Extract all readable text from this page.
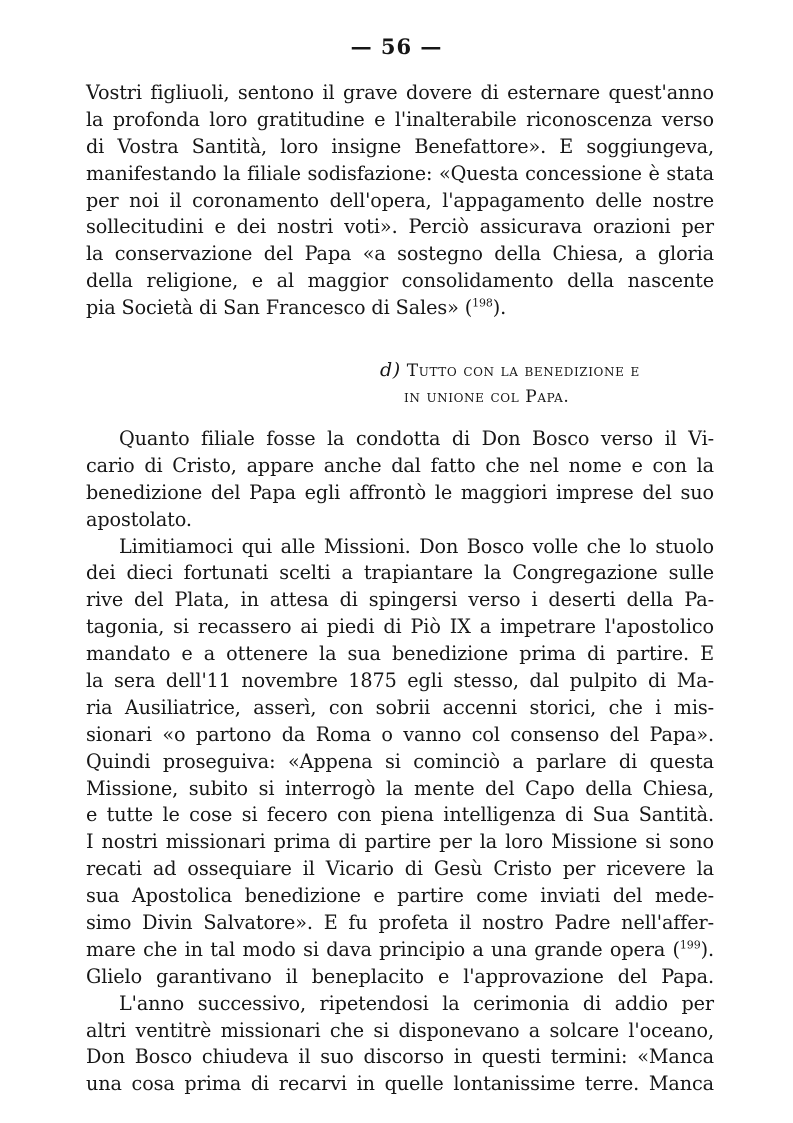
— 56 —
Vostri figliuoli, sentono il grave dovere di esternare quest'anno
la profonda loro gratitudine e l'inalterabile riconoscenza verso
di Vostra Santità, loro insigne Benefattore». E soggiungeva,
manifestando la filiale sodisfazione: «Questa concessione è stata
per noi il coronamento dell'opera, l'appagamento delle nostre
sollecitudini e dei nostri voti». Perciò assicurava orazioni per
la conservazione del Papa «a sostegno della Chiesa, a gloria
della religione, e al maggior consolidamento della nascente
pia Società di San Francesco di Sales» ($^{198}$).
d) Tutto con la benedizione e
in unione col Papa.
Quanto filiale fosse la condotta di Don Bosco verso il Vi-
cario di Cristo, appare anche dal fatto che nel nome e con la
benedizione del Papa egli affrontò le maggiori imprese del suo
apostolato.
Limitiamoci qui alle Missioni. Don Bosco volle che lo stuolo
dei dieci fortunati scelti a trapiantare la Congregazione sulle
rive del Plata, in attesa di spingersi verso i deserti della Pa-
tagonia, si recassero ai piedi di Piò IX a impetrare l'apostolico
mandato e a ottenere la sua benedizione prima di partire. E
la sera dell'11 novembre 1875 egli stesso, dal pulpito di Ma-
ria Ausiliatrice, asserì, con sobrii accenni storici, che i mis-
sionari «o partono da Roma o vanno col consenso del Papa».
Quindi proseguiva: «Appena si cominciò a parlare di questa
Missione, subito si interrogò la mente del Capo della Chiesa,
e tutte le cose si fecero con piena intelligenza di Sua Santità.
I nostri missionari prima di partire per la loro Missione si sono
recati ad ossequiare il Vicario di Gesù Cristo per ricevere la
sua Apostolica benedizione e partire come inviati del mede-
simo Divin Salvatore». E fu profeta il nostro Padre nell'affer-
mare che in tal modo si dava principio a una grande opera ($^{199}$).
Glielo garantivano il beneplacito e l'approvazione del Papa.
L'anno successivo, ripetendosi la cerimonia di addio per
altri ventitrè missionari che si disponevano a solcare l'oceano,
Don Bosco chiudeva il suo discorso in questi termini: «Manca
una cosa prima di recarvi in quelle lontanissime terre. Manca
